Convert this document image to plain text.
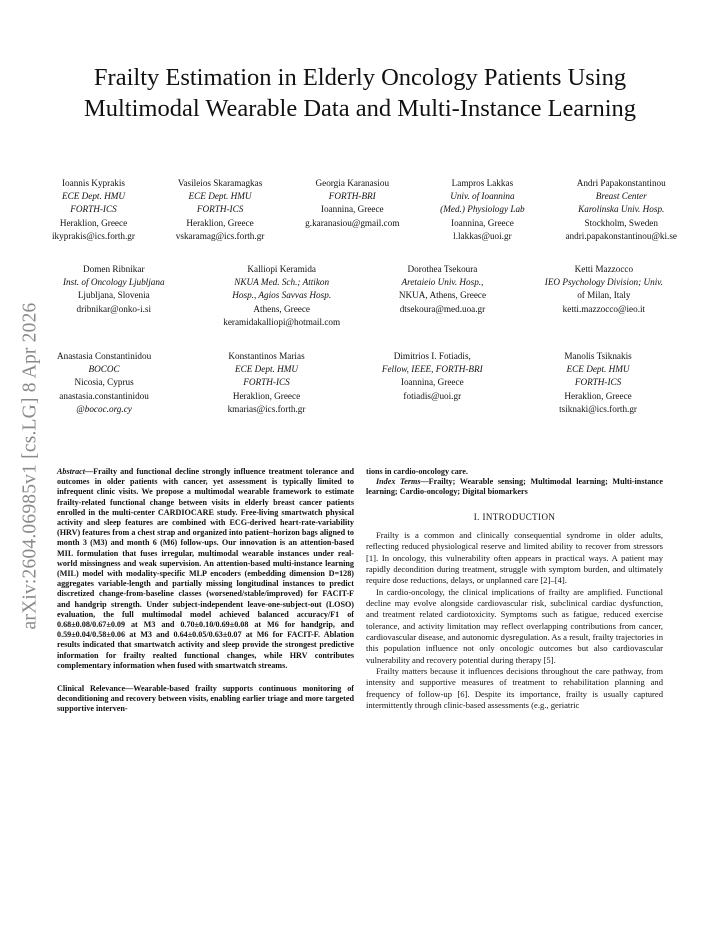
arXiv:2604.06985v1 [cs.LG] 8 Apr 2026
Frailty Estimation in Elderly Oncology Patients Using Multimodal Wearable Data and Multi-Instance Learning
Ioannis Kyprakis
ECE Dept. HMU
FORTH-ICS
Heraklion, Greece
ikyprakis@ics.forth.gr
Vasileios Skaramagkas
ECE Dept. HMU
FORTH-ICS
Heraklion, Greece
vskaramag@ics.forth.gr
Georgia Karanasiou
FORTH-BRI
Ioannina, Greece
g.karanasiou@gmail.com
Lampros Lakkas
Univ. of Ioannina
(Med.) Physiology Lab
Ioannina, Greece
l.lakkas@uoi.gr
Andri Papakonstantinou
Breast Center
Karolinska Univ. Hosp.
Stockholm, Sweden
andri.papakonstantinou@ki.se
Domen Ribnikar
Inst. of Oncology Ljubljana
Ljubljana, Slovenia
dribnikar@onko-i.si
Kalliopi Keramida
NKUA Med. Sch.; Attikon
Hosp., Agios Savvas Hosp.
Athens, Greece
keramidakalliopi@hotmail.com
Dorothea Tsekoura
Aretaieio Univ. Hosp.,
NKUA, Athens, Greece
dtsekoura@med.uoa.gr
Ketti Mazzocco
IEO Psychology Division; Univ.
of Milan, Italy
ketti.mazzocco@ieo.it
Anastasia Constantinidou
BOCOC
Nicosia, Cyprus
anastasia.constantinidou
@bococ.org.cy
Konstantinos Marias
ECE Dept. HMU
FORTH-ICS
Heraklion, Greece
kmarias@ics.forth.gr
Dimitrios I. Fotiadis,
Fellow, IEEE, FORTH-BRI
Ioannina, Greece
fotiadis@uoi.gr
Manolis Tsiknakis
ECE Dept. HMU
FORTH-ICS
Heraklion, Greece
tsiknaki@ics.forth.gr

Abstract—Frailty and functional decline strongly influence treatment tolerance and outcomes in older patients with cancer, yet assessment is typically limited to infrequent clinic visits. We propose a multimodal wearable framework to estimate frailty-related functional change between visits in elderly breast cancer patients enrolled in the multi-center CARDIOCARE study. Free-living smartwatch physical activity and sleep features are combined with ECG-derived heart-rate-variability (HRV) features from a chest strap and organized into patient–horizon bags aligned to month 3 (M3) and month 6 (M6) follow-ups. Our innovation is an attention-based MIL formulation that fuses irregular, multimodal wearable instances under real-world missingness and weak supervision. An attention-based multi-instance learning (MIL) model with modality-specific MLP encoders (embedding dimension D=128) aggregates variable-length and partially missing longitudinal instances to predict discretized change-from-baseline classes (worsened/stable/improved) for FACIT-F and handgrip strength. Under subject-independent leave-one-subject-out (LOSO) evaluation, the full multimodal model achieved balanced accuracy/F1 of 0.68±0.08/0.67±0.09 at M3 and 0.70±0.10/0.69±0.08 at M6 for handgrip, and 0.59±0.04/0.58±0.06 at M3 and 0.64±0.05/0.63±0.07 at M6 for FACIT-F. Ablation results indicated that smartwatch activity and sleep provide the strongest predictive information for frailty realted functional changes, while HRV contributes complementary information when fused with smartwatch streams.

Clinical Relevance—Wearable-based frailty supports continuous monitoring of deconditioning and recovery between visits, enabling earlier triage and more targeted supportive interven-

tions in cardio-oncology care.

Index Terms—Frailty; Wearable sensing; Multimodal learning; Multi-instance learning; Cardio-oncology; Digital biomarkers

I. INTRODUCTION

Frailty is a common and clinically consequential syndrome in older adults, reflecting reduced physiological reserve and limited ability to recover from stressors [1]. In oncology, this vulnerability often appears in practical ways. A patient may rapidly decondition during treatment, struggle with symptom burden, and ultimately require dose reductions, delays, or unplanned care [2]–[4].

In cardio-oncology, the clinical implications of frailty are amplified. Functional decline may evolve alongside cardiovascular risk, subclinical cardiac dysfunction, and treatment related cardiotoxicity. Symptoms such as fatigue, reduced exercise tolerance, and activity limitation may reflect overlapping contributions from cancer, cardiovascular disease, and autonomic dysregulation. As a result, frailty trajectories in this population influence not only oncologic outcomes but also cardiovascular vulnerability and recovery potential during therapy [5].

Frailty matters because it influences decisions throughout the care pathway, from intensity and supportive measures of treatment to rehabilitation planning and frequency of follow-up [6]. Despite its importance, frailty is usually captured intermittently through clinic-based assessments (e.g., geriatric
